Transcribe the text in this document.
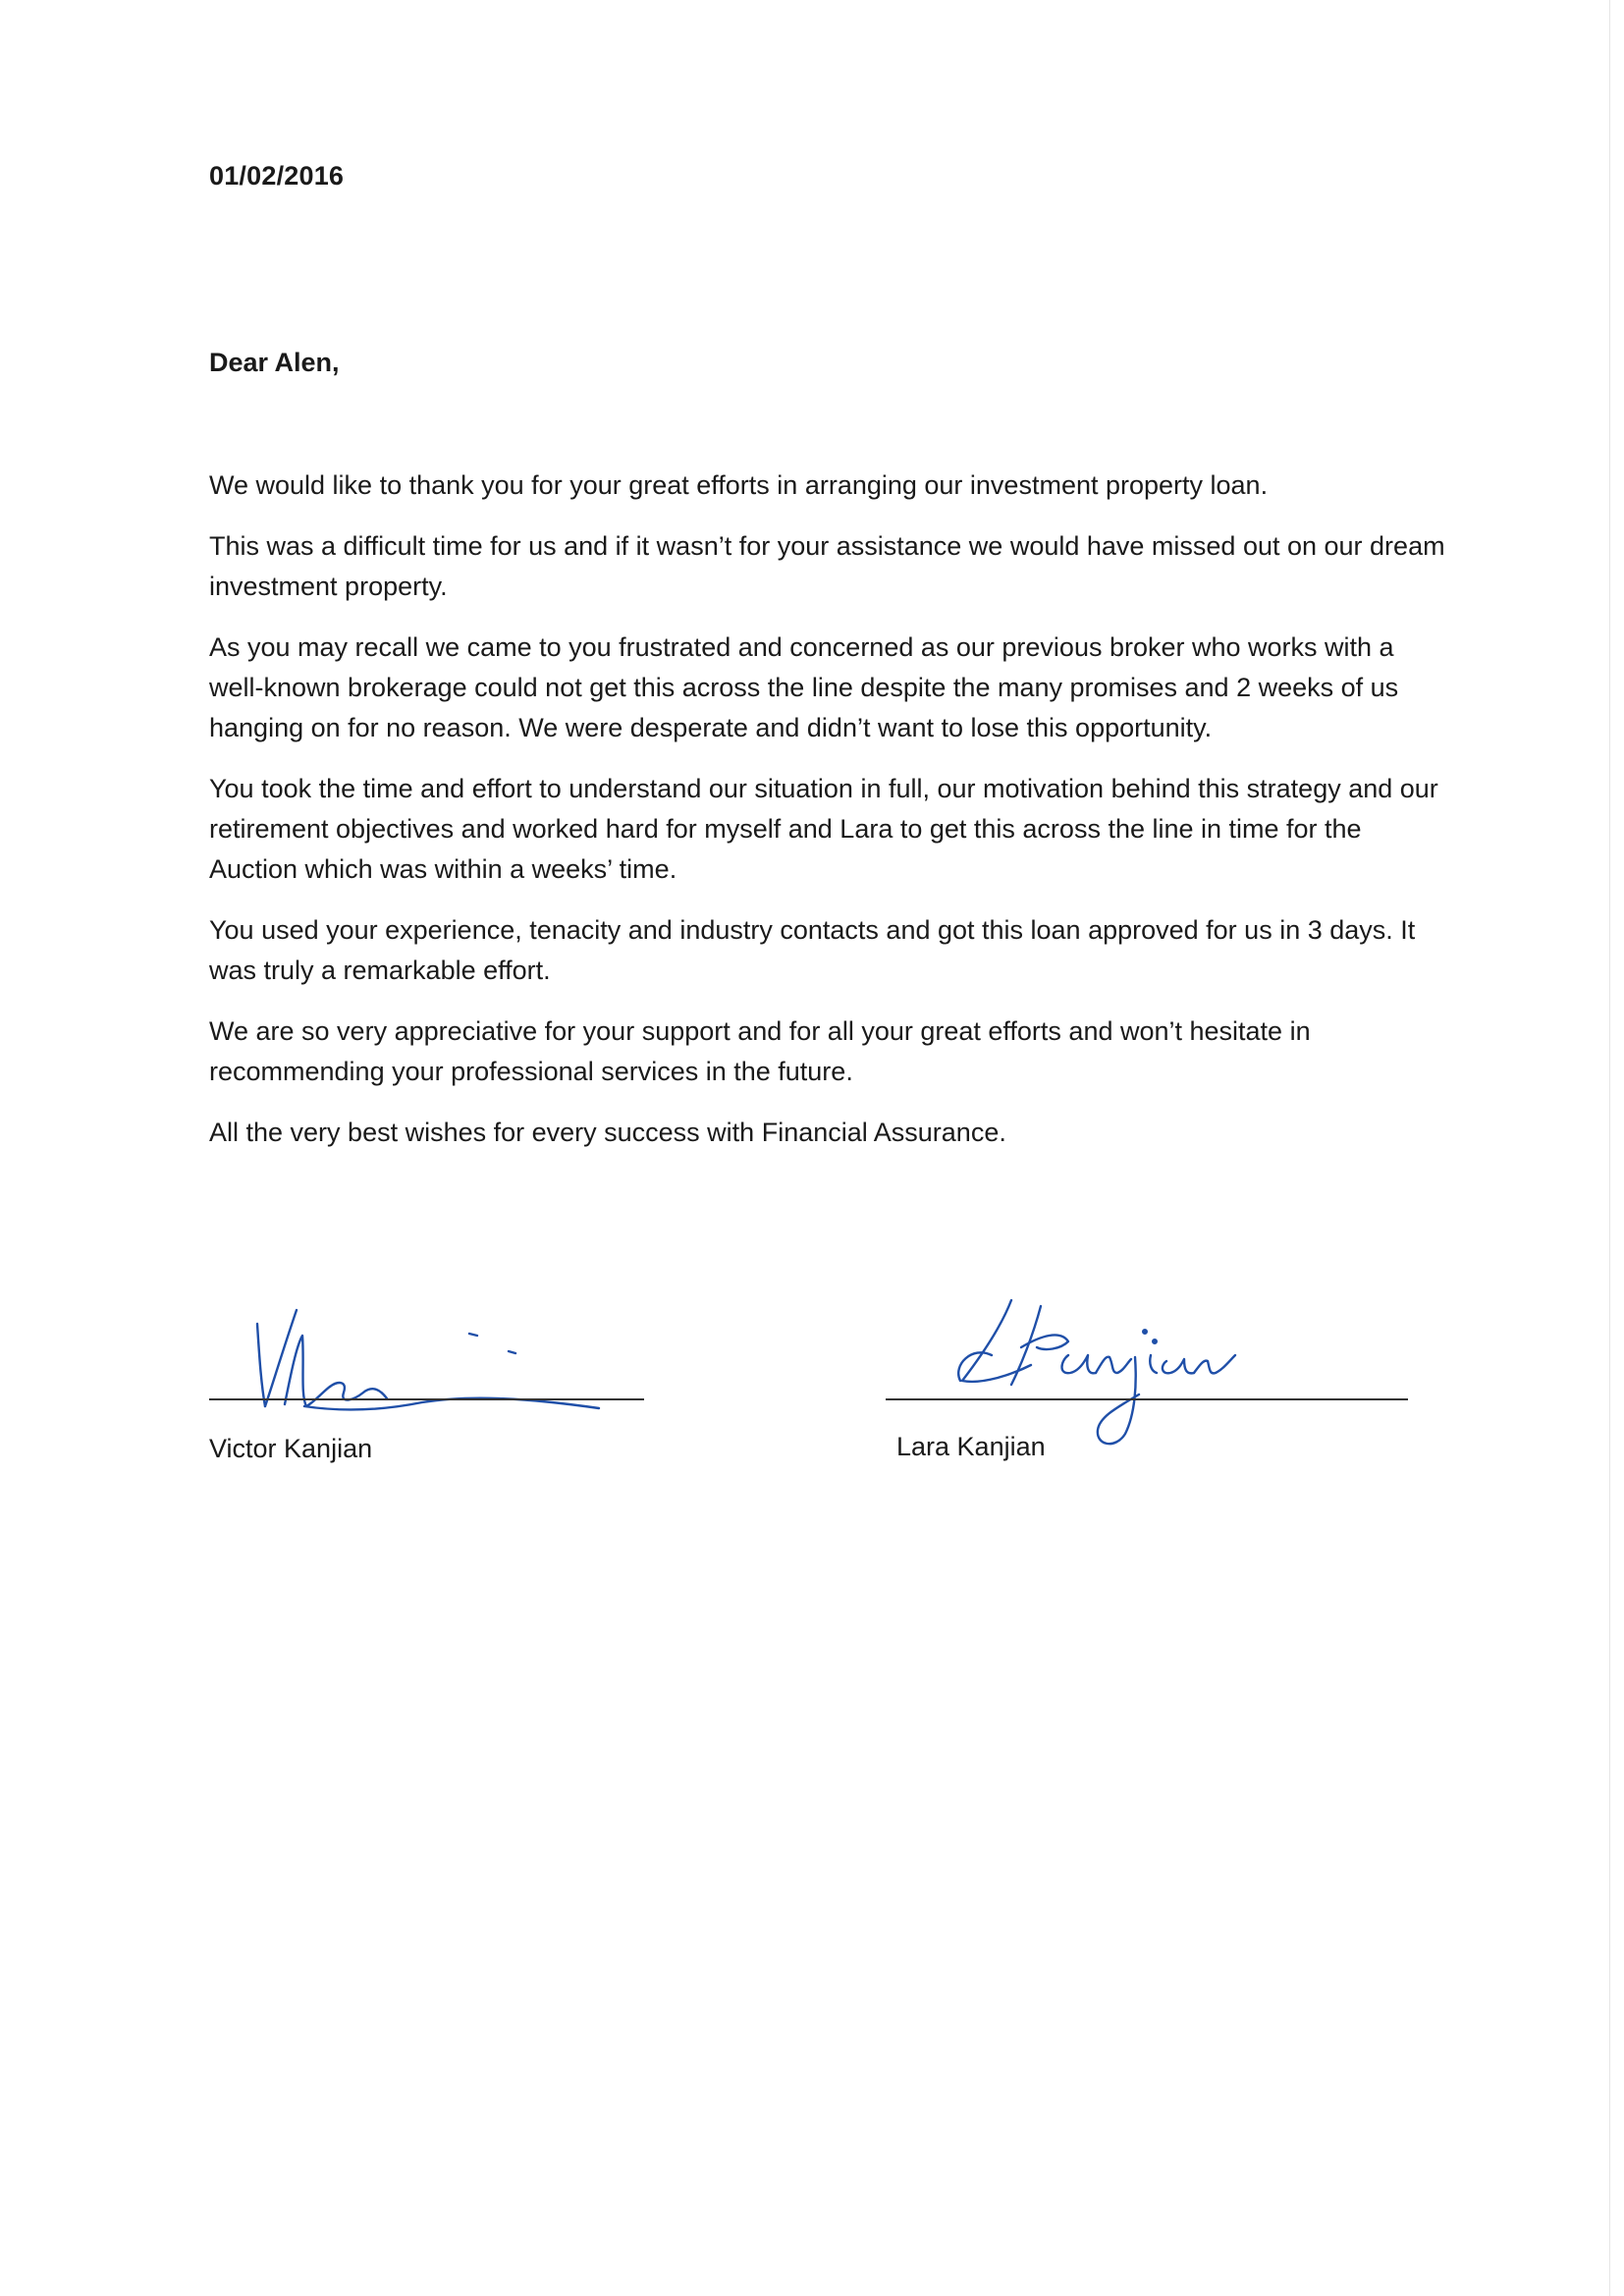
01/02/2016
Dear Alen,

We would like to thank you for your great efforts in arranging our investment property loan.

This was a difficult time for us and if it wasn’t for your assistance we would have missed out on our dream investment property.

As you may recall we came to you frustrated and concerned as our previous broker who works with a well-known brokerage could not get this across the line despite the many promises and 2 weeks of us hanging on for no reason. We were desperate and didn’t want to lose this opportunity.

You took the time and effort to understand our situation in full, our motivation behind this strategy and our retirement objectives and worked hard for myself and Lara to get this across the line in time for the Auction which was within a weeks’ time.

You used your experience, tenacity and industry contacts and got this loan approved for us in 3 days. It was truly a remarkable effort.

We are so very appreciative for your support and for all your great efforts and won’t hesitate in recommending your professional services in the future.

All the very best wishes for every success with Financial Assurance.

Victor Kanjian	Lara Kanjian
